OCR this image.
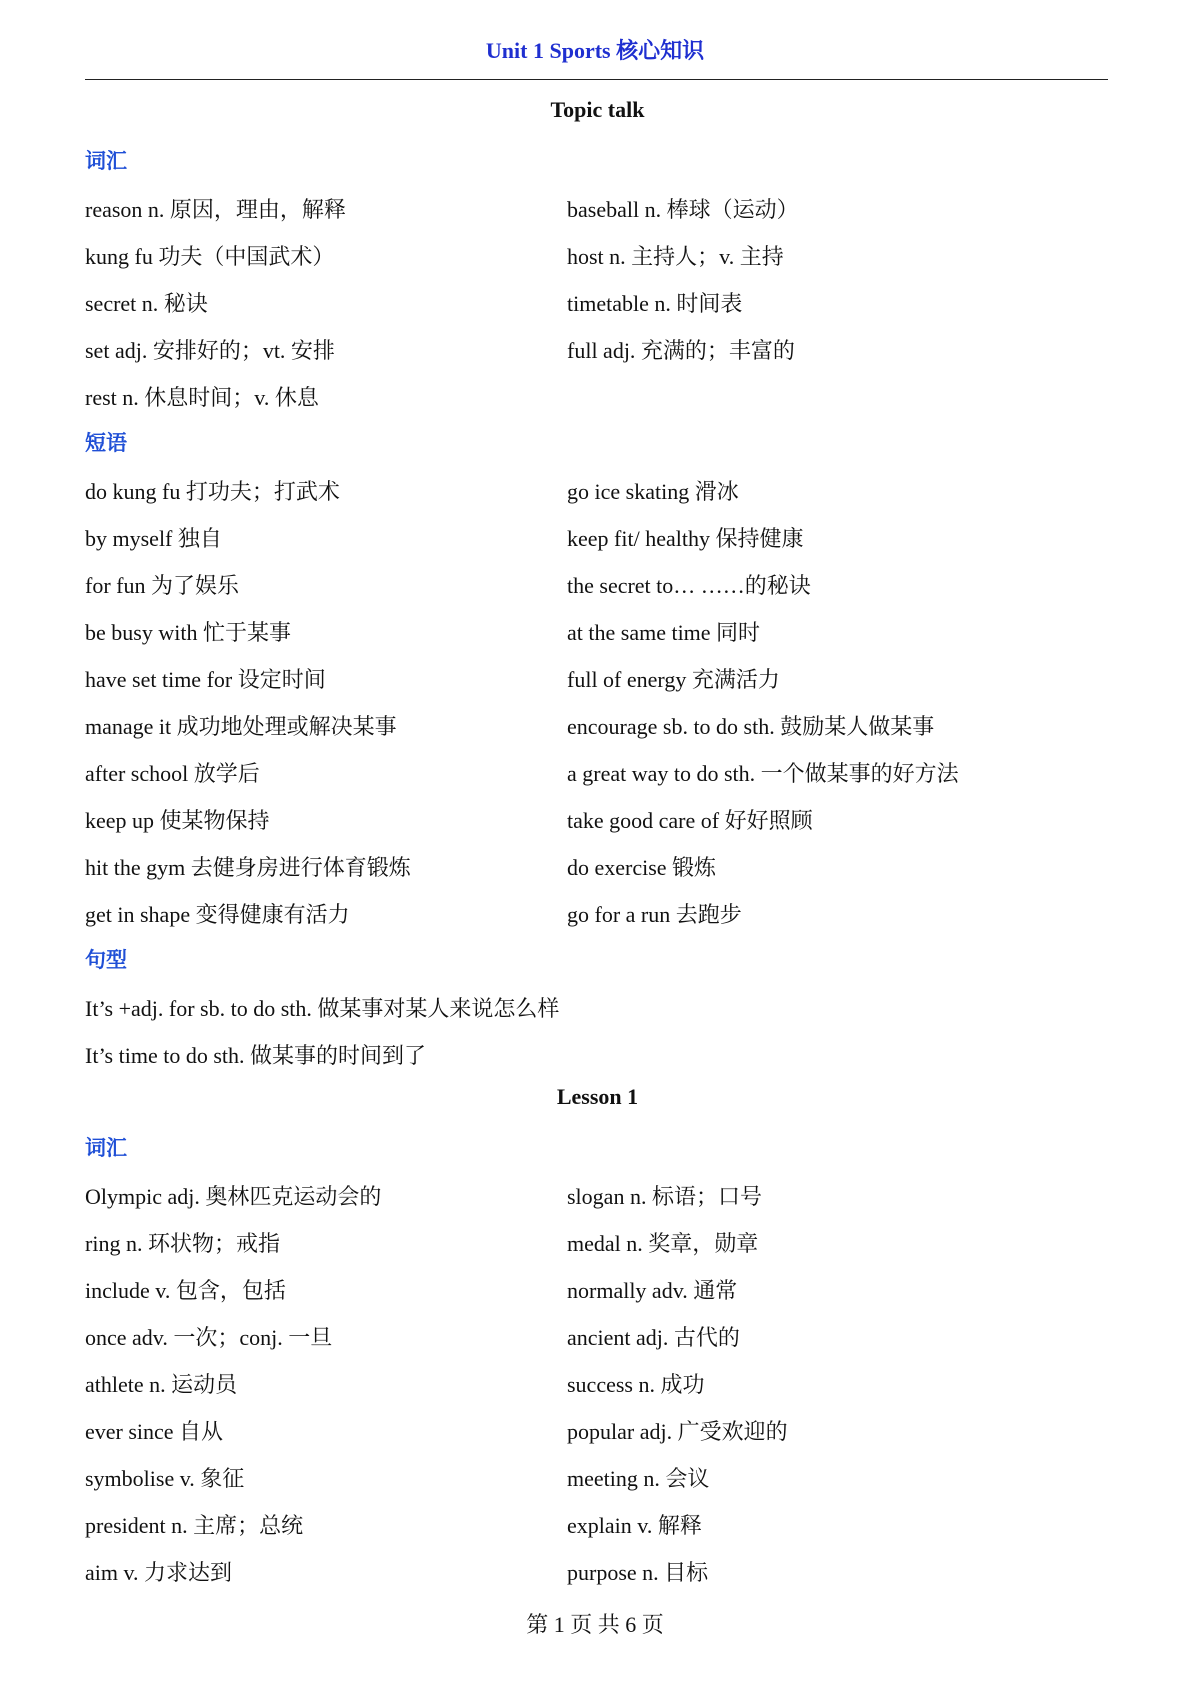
Unit 1 Sports 核心知识
Topic talk
词汇
reason n. 原因，理由，解释	baseball n. 棒球（运动）
kung fu 功夫（中国武术）	host n. 主持人；v. 主持
secret n. 秘诀	timetable n. 时间表
set adj. 安排好的；vt. 安排	full adj. 充满的；丰富的
rest n. 休息时间；v. 休息
短语
do kung fu 打功夫；打武术	go ice skating 滑冰
by myself 独自	keep fit/ healthy 保持健康
for fun 为了娱乐	the secret to… ……的秘诀
be busy with 忙于某事	at the same time 同时
have set time for 设定时间	full of energy 充满活力
manage it 成功地处理或解决某事	encourage sb. to do sth. 鼓励某人做某事
after school 放学后	a great way to do sth. 一个做某事的好方法
keep up 使某物保持	take good care of 好好照顾
hit the gym 去健身房进行体育锻炼	do exercise 锻炼
get in shape 变得健康有活力	go for a run 去跑步
句型
It’s +adj. for sb. to do sth. 做某事对某人来说怎么样
It’s time to do sth. 做某事的时间到了
Lesson 1
词汇
Olympic adj. 奥林匹克运动会的	slogan n. 标语；口号
ring n. 环状物；戒指	medal n. 奖章，勋章
include v. 包含，包括	normally adv. 通常
once adv. 一次；conj. 一旦	ancient adj. 古代的
athlete n. 运动员	success n. 成功
ever since 自从	popular adj. 广受欢迎的
symbolise v. 象征	meeting n. 会议
president n. 主席；总统	explain v. 解释
aim v. 力求达到	purpose n. 目标
第 1 页 共 6 页
